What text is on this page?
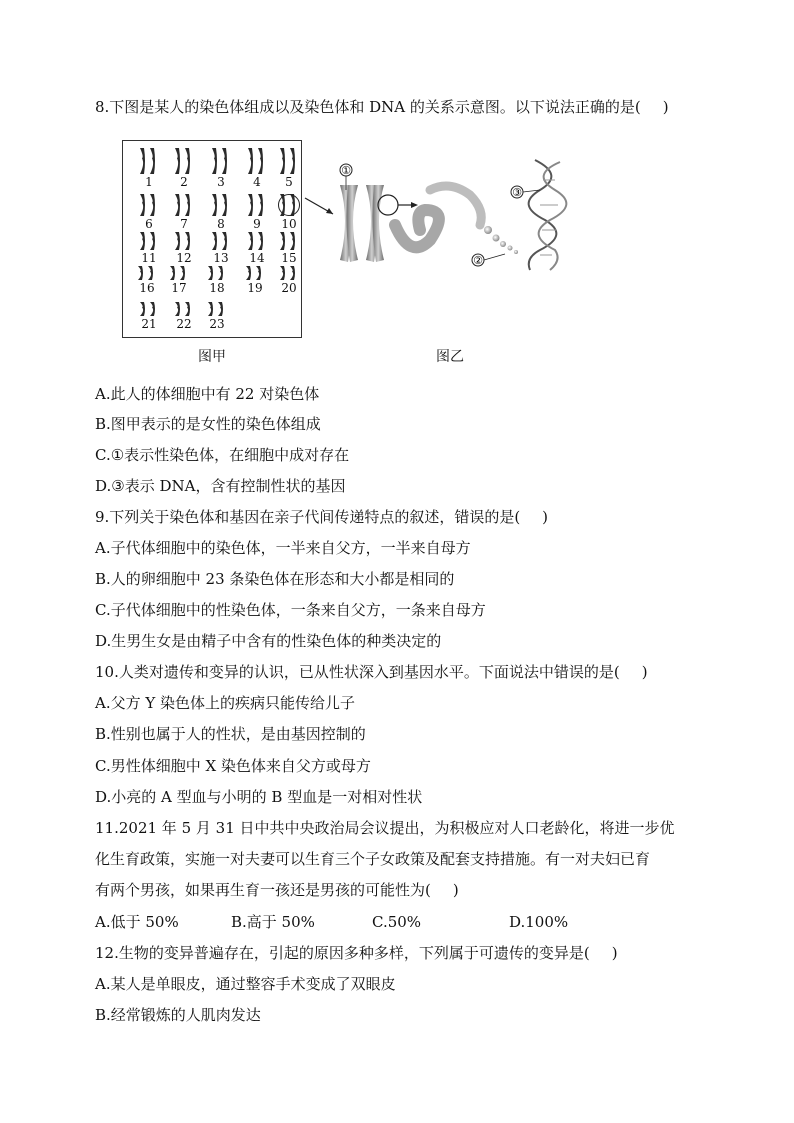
8.下图是某人的染色体组成以及染色体和 DNA 的关系示意图。以下说法正确的是( )
1	2	3	4	5
6	7	8	9	10
11	12	13	14	15
16	17	18	19	20
21	22	23
图甲
①
③
②
图乙
A.此人的体细胞中有 22 对染色体
B.图甲表示的是女性的染色体组成
C.①表示性染色体，在细胞中成对存在
D.③表示 DNA，含有控制性状的基因
9.下列关于染色体和基因在亲子代间传递特点的叙述，错误的是( )
A.子代体细胞中的染色体，一半来自父方，一半来自母方
B.人的卵细胞中 23 条染色体在形态和大小都是相同的
C.子代体细胞中的性染色体，一条来自父方，一条来自母方
D.生男生女是由精子中含有的性染色体的种类决定的
10.人类对遗传和变异的认识，已从性状深入到基因水平。下面说法中错误的是( )
A.父方 Y 染色体上的疾病只能传给儿子
B.性别也属于人的性状，是由基因控制的
C.男性体细胞中 X 染色体来自父方或母方
D.小亮的 A 型血与小明的 B 型血是一对相对性状
11.2021 年 5 月 31 日中共中央政治局会议提出，为积极应对人口老龄化，将进一步优
化生育政策，实施一对夫妻可以生育三个子女政策及配套支持措施。有一对夫妇已育
有两个男孩，如果再生育一孩还是男孩的可能性为( )
A.低于 50%	B.高于 50%	C.50%	D.100%
12.生物的变异普遍存在，引起的原因多种多样，下列属于可遗传的变异是( )
A.某人是单眼皮，通过整容手术变成了双眼皮
B.经常锻炼的人肌肉发达
